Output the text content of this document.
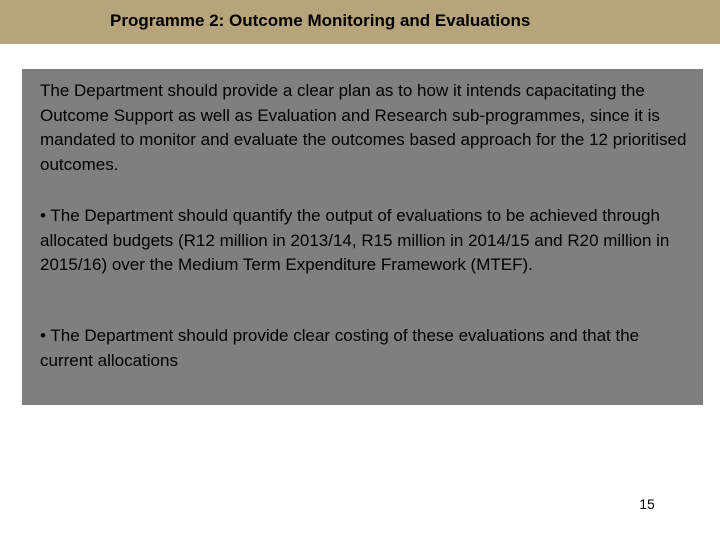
Programme 2: Outcome Monitoring and Evaluations

The Department should provide a clear plan as to how it intends capacitating the Outcome Support as well as Evaluation and Research sub-programmes, since it is mandated to monitor and evaluate the outcomes based approach for the 12 prioritised outcomes.

• The Department should quantify the output of evaluations to be achieved through allocated budgets (R12 million in 2013/14, R15 million in 2014/15 and R20 million in 2015/16) over the Medium Term Expenditure Framework (MTEF).

• The Department should provide clear costing of these evaluations and that the current allocations

15
